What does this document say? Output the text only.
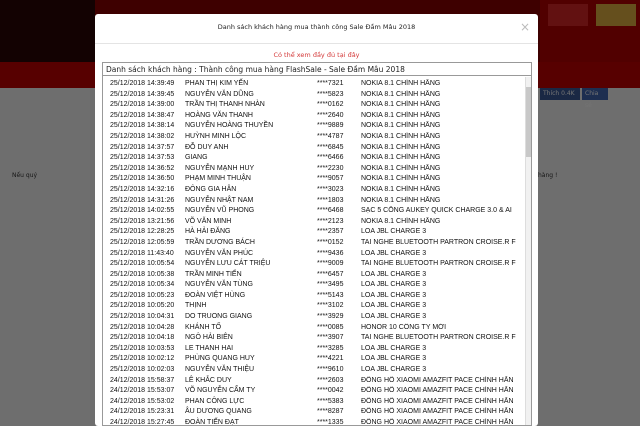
Danh sách khách hàng mua thành công Sale Đầm Mâu 2018	×
Có thể xem đầy đủ tại đây
Danh sách khách hàng : Thành công mua hàng FlashSale - Sale Đầm Mâu 2018
25/12/2018 14:39:49 PHAN THỊ KIM YẾN	****7321	NOKIA 8.1 CHÍNH HÃNG
25/12/2018 14:39:45 NGUYỄN VĂN DŨNG	****5823	NOKIA 8.1 CHÍNH HÃNG
25/12/2018 14:39:00 TRẦN THỊ THANH NHÀN	****0162	NOKIA 8.1 CHÍNH HÃNG
25/12/2018 14:38:47 HOÀNG VĂN THANH	****2640	NOKIA 8.1 CHÍNH HÃNG
25/12/2018 14:38:14 NGUYỄN HOÀNG THUYỀN	****9889	NOKIA 8.1 CHÍNH HÃNG
25/12/2018 14:38:02 HUỲNH MINH LỘC	****4787	NOKIA 8.1 CHÍNH HÃNG
25/12/2018 14:37:57 ĐỖ DUY ANH	****6845	NOKIA 8.1 CHÍNH HÃNG
25/12/2018 14:37:53 GIANG	****6466	NOKIA 8.1 CHÍNH HÃNG
25/12/2018 14:36:52 NGUYỄN MẠNH HUY	****2230	NOKIA 8.1 CHÍNH HÃNG
25/12/2018 14:36:50 PHẠM MINH THUẬN	****9057	NOKIA 8.1 CHÍNH HÃNG
25/12/2018 14:32:16 ĐÔNG GIA HÂN	****3023	NOKIA 8.1 CHÍNH HÃNG
25/12/2018 14:31:26 NGUYỄN NHẬT NAM	****1803	NOKIA 8.1 CHÍNH HÃNG
25/12/2018 14:02:55 NGUYỄN VŨ PHONG	****6468	SẠC 5 CỔNG AUKEY QUICK CHARGE 3.0 & AI
25/12/2018 13:21:56 VÕ VĂN MINH	****2123	NOKIA 8.1 CHÍNH HÃNG
25/12/2018 12:28:25 HÀ HẢI ĐĂNG	****2357	LOA JBL CHARGE 3
25/12/2018 12:05:59 TRẦN DƯƠNG BÁCH	****0152	TAI NGHE BLUETOOTH PARTRON CROISE.R F
25/12/2018 11:43:40 NGUYỄN VĂN PHÚC	****9436	LOA JBL CHARGE 3
25/12/2018 10:05:54 NGUYỄN LƯU CÁT TRIỆU	****9009	TAI NGHE BLUETOOTH PARTRON CROISE.R F
25/12/2018 10:05:38 TRẦN MINH TIẾN	****6457	LOA JBL CHARGE 3
25/12/2018 10:05:34 NGUYỄN VĂN TÙNG	****3495	LOA JBL CHARGE 3
25/12/2018 10:05:23 ĐOÀN VIỆT HÙNG	****5143	LOA JBL CHARGE 3
25/12/2018 10:05:20 THỊNH	****3102	LOA JBL CHARGE 3
25/12/2018 10:04:31 DO TRUONG GIANG	****3929	LOA JBL CHARGE 3
25/12/2018 10:04:28 KHÁNH TỐ	****0085	HONOR 10 CÔNG TY MỚI
25/12/2018 10:04:18 NGÔ HẢI BIÊN	****3907	TAI NGHE BLUETOOTH PARTRON CROISE.R F
25/12/2018 10:03:53 LE THANH HAI	****3285	LOA JBL CHARGE 3
25/12/2018 10:02:12 PHÙNG QUANG HUY	****4221	LOA JBL CHARGE 3
25/12/2018 10:02:03 NGUYỄN VĂN THIỆU	****9610	LOA JBL CHARGE 3
24/12/2018 15:58:37 LÊ KHẮC DUY	****2603	ĐỒNG HỒ XIAOMI AMAZFIT PACE CHÍNH HÃN
24/12/2018 15:53:07 VÕ NGUYỄN CẨM TY	****0042	ĐỒNG HỒ XIAOMI AMAZFIT PACE CHÍNH HÃN
24/12/2018 15:53:02 PHAN CÔNG LỰC	****5383	ĐỒNG HỒ XIAOMI AMAZFIT PACE CHÍNH HÃN
24/12/2018 15:23:31 ÂU DƯƠNG QUANG	****8287	ĐỒNG HỒ XIAOMI AMAZFIT PACE CHÍNH HÃN
24/12/2018 15:27:45 ĐOÀN TIẾN ĐẠT	****1335	ĐỒNG HỒ XIAOMI AMAZFIT PACE CHÍNH HÃN
